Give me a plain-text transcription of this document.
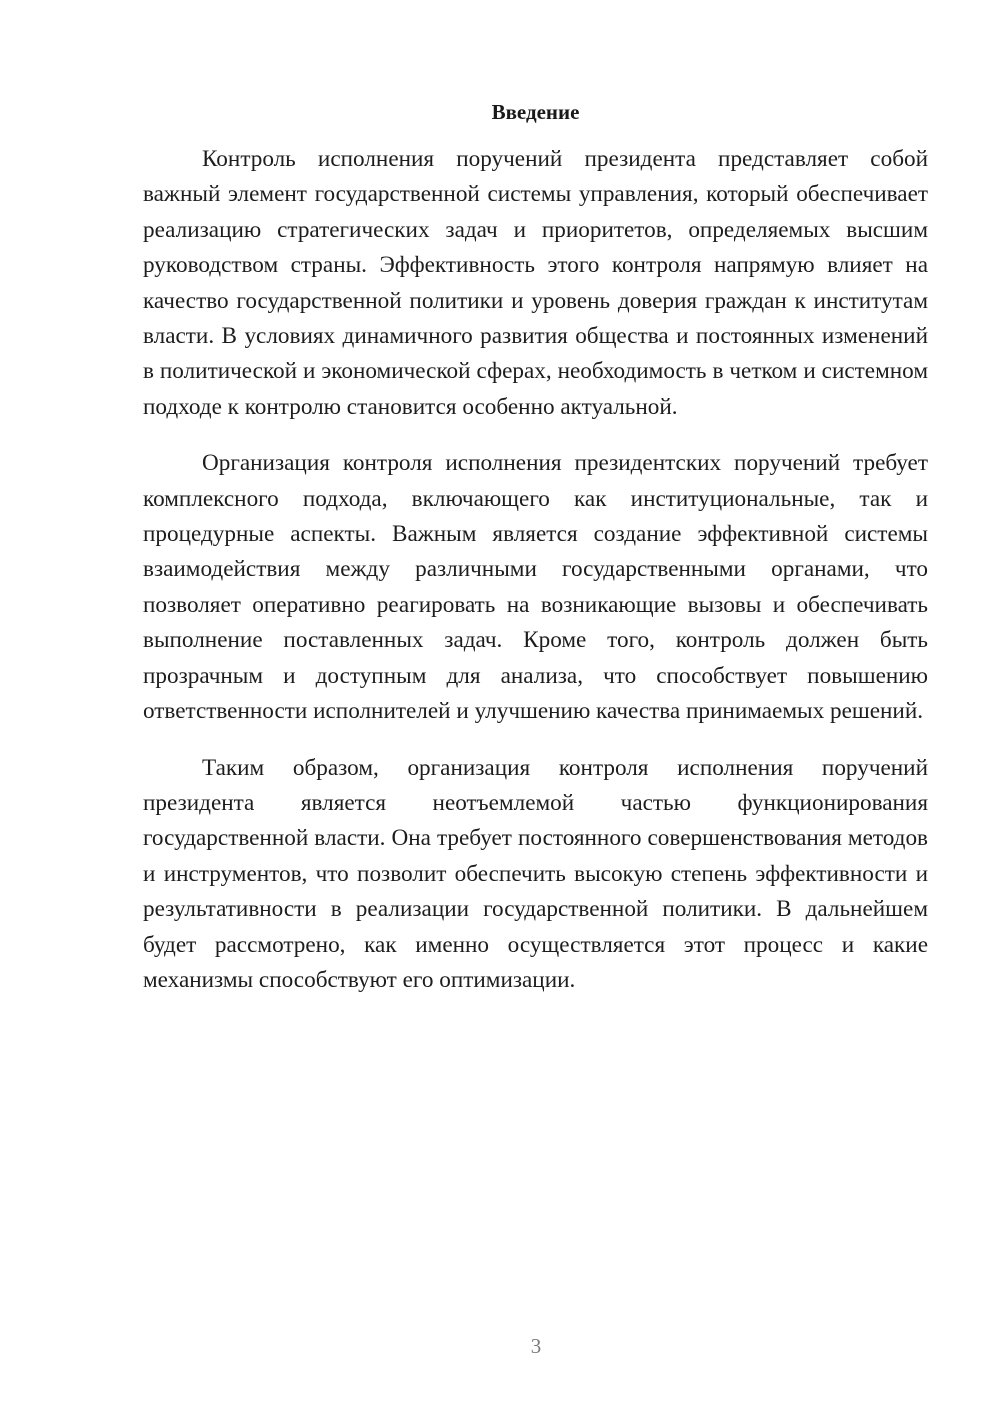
Введение

Контроль исполнения поручений президента представляет собой важный элемент государственной системы управления, который обеспечивает реализацию стратегических задач и приоритетов, определяемых высшим руководством страны. Эффективность этого контроля напрямую влияет на качество государственной политики и уровень доверия граждан к институтам власти. В условиях динамичного развития общества и постоянных изменений в политической и экономической сферах, необходимость в четком и системном подходе к контролю становится особенно актуальной.

Организация контроля исполнения президентских поручений требует комплексного подхода, включающего как институциональные, так и процедурные аспекты. Важным является создание эффективной системы взаимодействия между различными государственными органами, что позволяет оперативно реагировать на возникающие вызовы и обеспечивать выполнение поставленных задач. Кроме того, контроль должен быть прозрачным и доступным для анализа, что способствует повышению ответственности исполнителей и улучшению качества принимаемых решений.

Таким образом, организация контроля исполнения поручений президента является неотъемлемой частью функционирования государственной власти. Она требует постоянного совершенствования методов и инструментов, что позволит обеспечить высокую степень эффективности и результативности в реализации государственной политики. В дальнейшем будет рассмотрено, как именно осуществляется этот процесс и какие механизмы способствуют его оптимизации.

3
